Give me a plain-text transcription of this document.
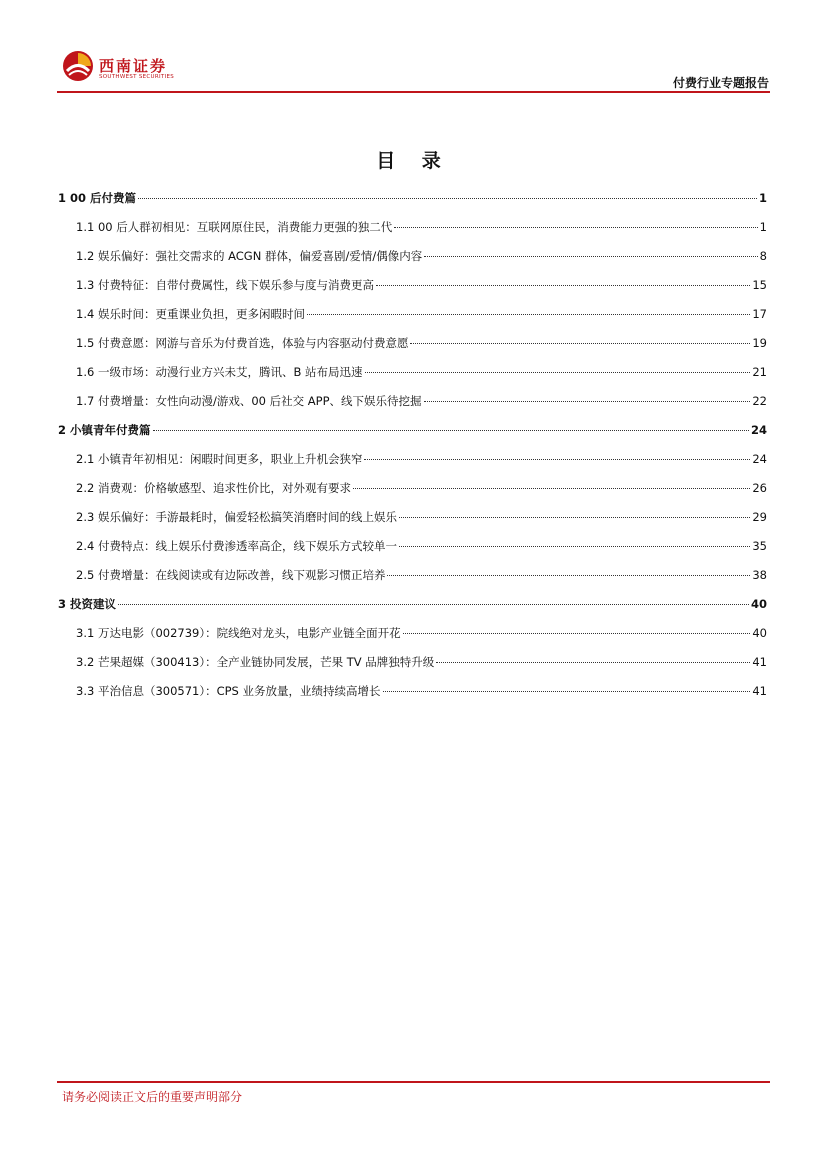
西南证券
SOUTHWEST SECURITIES	付费行业专题报告
目 录
1 00 后付费篇	1
1.1 00 后人群初相见：互联网原住民，消费能力更强的独二代	1
1.2 娱乐偏好：强社交需求的 ACGN 群体，偏爱喜剧/爱情/偶像内容	8
1.3 付费特征：自带付费属性，线下娱乐参与度与消费更高	15
1.4 娱乐时间：更重课业负担，更多闲暇时间	17
1.5 付费意愿：网游与音乐为付费首选，体验与内容驱动付费意愿	19
1.6 一级市场：动漫行业方兴未艾，腾讯、B 站布局迅速	21
1.7 付费增量：女性向动漫/游戏、00 后社交 APP、线下娱乐待挖掘	22
2 小镇青年付费篇	24
2.1 小镇青年初相见：闲暇时间更多，职业上升机会狭窄	24
2.2 消费观：价格敏感型、追求性价比，对外观有要求	26
2.3 娱乐偏好：手游最耗时，偏爱轻松搞笑消磨时间的线上娱乐	29
2.4 付费特点：线上娱乐付费渗透率高企，线下娱乐方式较单一	35
2.5 付费增量：在线阅读或有边际改善，线下观影习惯正培养	38
3 投资建议	40
3.1 万达电影（002739）：院线绝对龙头，电影产业链全面开花	40
3.2 芒果超媒（300413）：全产业链协同发展，芒果 TV 品牌独特升级	41
3.3 平治信息（300571）：CPS 业务放量，业绩持续高增长	41
请务必阅读正文后的重要声明部分
